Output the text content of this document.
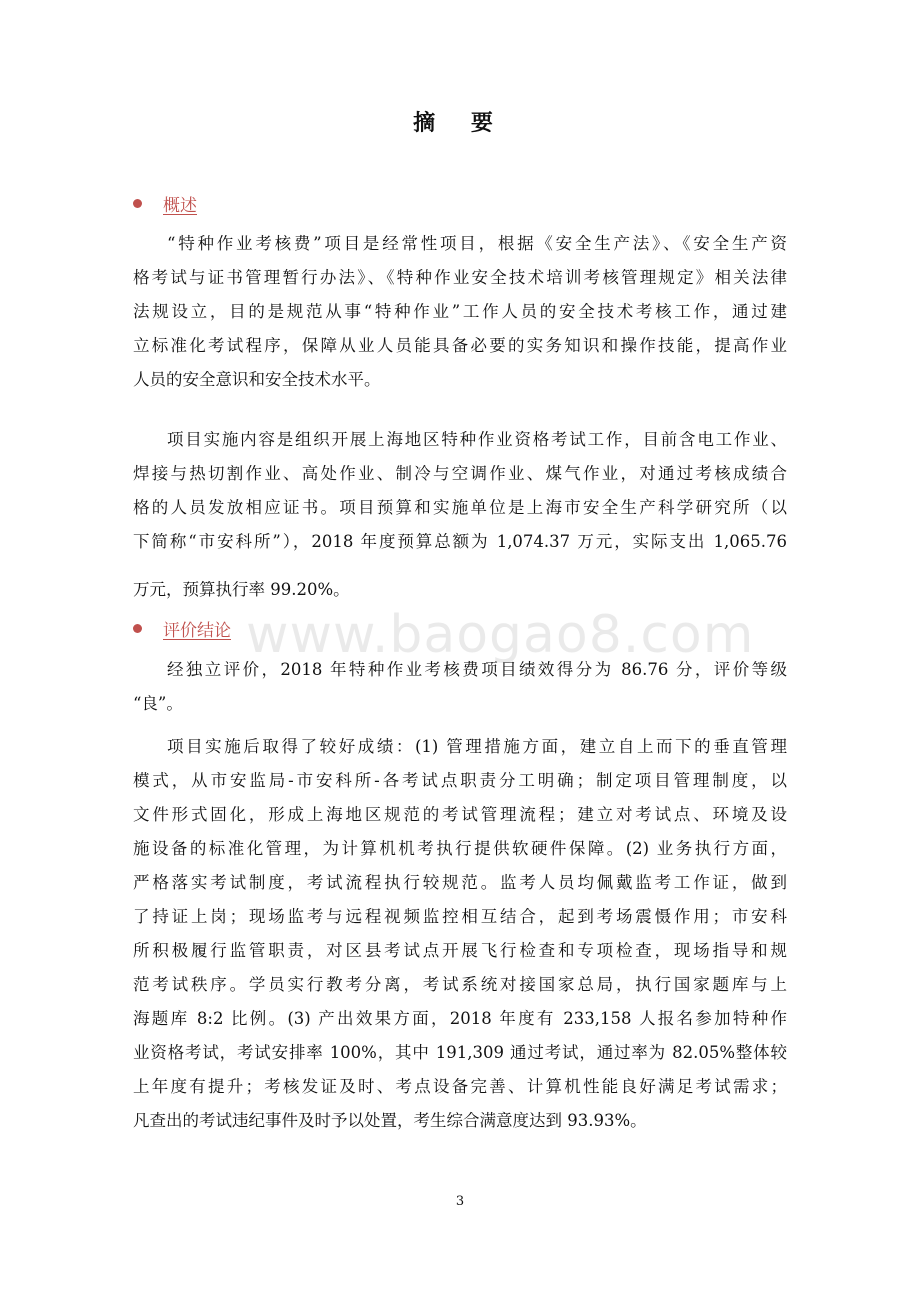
摘 要
www.baogao8.com
概述
“特种作业考核费”项目是经常性项目，根据《安全生产法》、《安全生产资
格考试与证书管理暂行办法》、《特种作业安全技术培训考核管理规定》相关法律
法规设立，目的是规范从事“特种作业”工作人员的安全技术考核工作，通过建
立标准化考试程序，保障从业人员能具备必要的实务知识和操作技能，提高作业
人员的安全意识和安全技术水平。
项目实施内容是组织开展上海地区特种作业资格考试工作，目前含电工作业、
焊接与热切割作业、高处作业、制冷与空调作业、煤气作业，对通过考核成绩合
格的人员发放相应证书。项目预算和实施单位是上海市安全生产科学研究所（以
下简称“市安科所”），2018 年度预算总额为 1,074.37 万元，实际支出 1,065.76
万元，预算执行率 99.20%。
评价结论
经独立评价，2018 年特种作业考核费项目绩效得分为 86.76 分，评价等级
“良”。
项目实施后取得了较好成绩：(1) 管理措施方面，建立自上而下的垂直管理
模式，从市安监局-市安科所-各考试点职责分工明确；制定项目管理制度，以
文件形式固化，形成上海地区规范的考试管理流程；建立对考试点、环境及设
施设备的标准化管理，为计算机机考执行提供软硬件保障。(2) 业务执行方面，
严格落实考试制度，考试流程执行较规范。监考人员均佩戴监考工作证，做到
了持证上岗；现场监考与远程视频监控相互结合，起到考场震慑作用；市安科
所积极履行监管职责，对区县考试点开展飞行检查和专项检查，现场指导和规
范考试秩序。学员实行教考分离，考试系统对接国家总局，执行国家题库与上
海题库 8:2 比例。(3) 产出效果方面，2018 年度有 233,158 人报名参加特种作
业资格考试，考试安排率 100%，其中 191,309 通过考试，通过率为 82.05%整体较
上年度有提升；考核发证及时、考点设备完善、计算机性能良好满足考试需求；
凡查出的考试违纪事件及时予以处置，考生综合满意度达到 93.93%。
3
